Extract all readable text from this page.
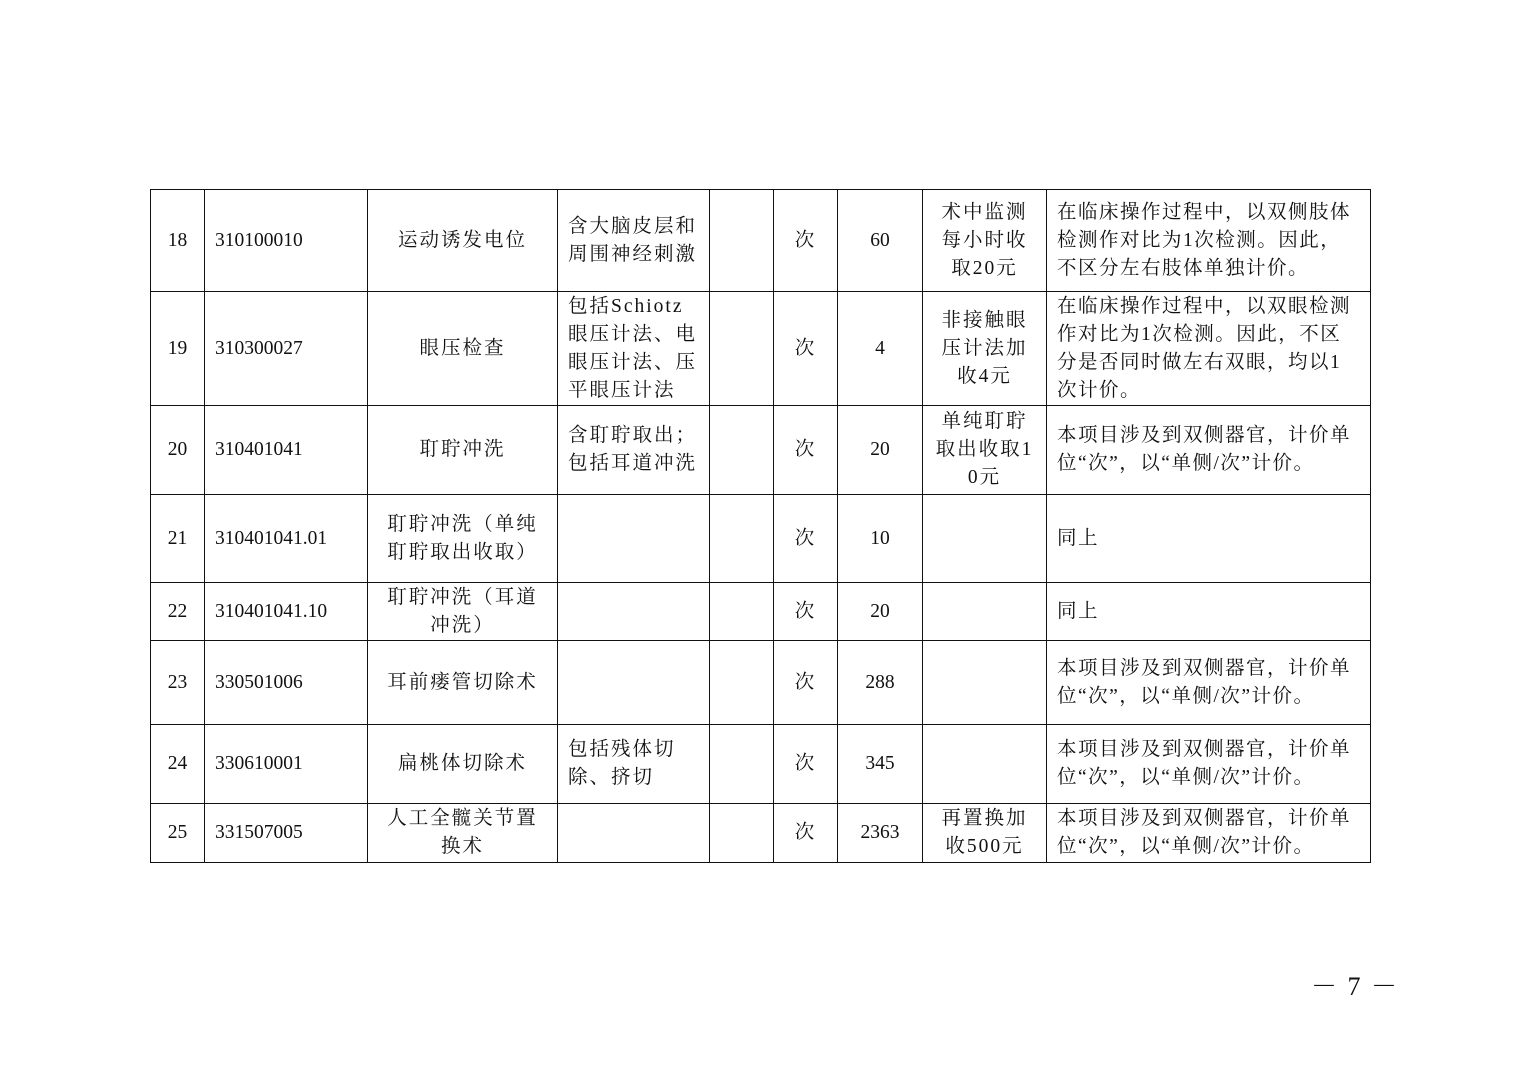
18	310100010	运动诱发电位	含大脑皮层和周围神经刺激		次	60	术中监测每小时收取20元	在临床操作过程中，以双侧肢体检测作对比为1次检测。因此，不区分左右肢体单独计价。
19	310300027	眼压检查	包括Schiotz眼压计法、电眼压计法、压平眼压计法		次	4	非接触眼压计法加收4元	在临床操作过程中，以双眼检测作对比为1次检测。因此，不区分是否同时做左右双眼，均以1次计价。
20	310401041	耵聍冲洗	含耵聍取出；包括耳道冲洗		次	20	单纯耵聍取出收取10元	本项目涉及到双侧器官，计价单位“次”，以“单侧/次”计价。
21	310401041.01	耵聍冲洗（单纯耵聍取出收取）			次	10		同上
22	310401041.10	耵聍冲洗（耳道冲洗）			次	20		同上
23	330501006	耳前瘘管切除术			次	288		本项目涉及到双侧器官，计价单位“次”，以“单侧/次”计价。
24	330610001	扁桃体切除术	包括残体切除、挤切		次	345		本项目涉及到双侧器官，计价单位“次”，以“单侧/次”计价。
25	331507005	人工全髋关节置换术			次	2363	再置换加收500元	本项目涉及到双侧器官，计价单位“次”，以“单侧/次”计价。
－ 7 －
